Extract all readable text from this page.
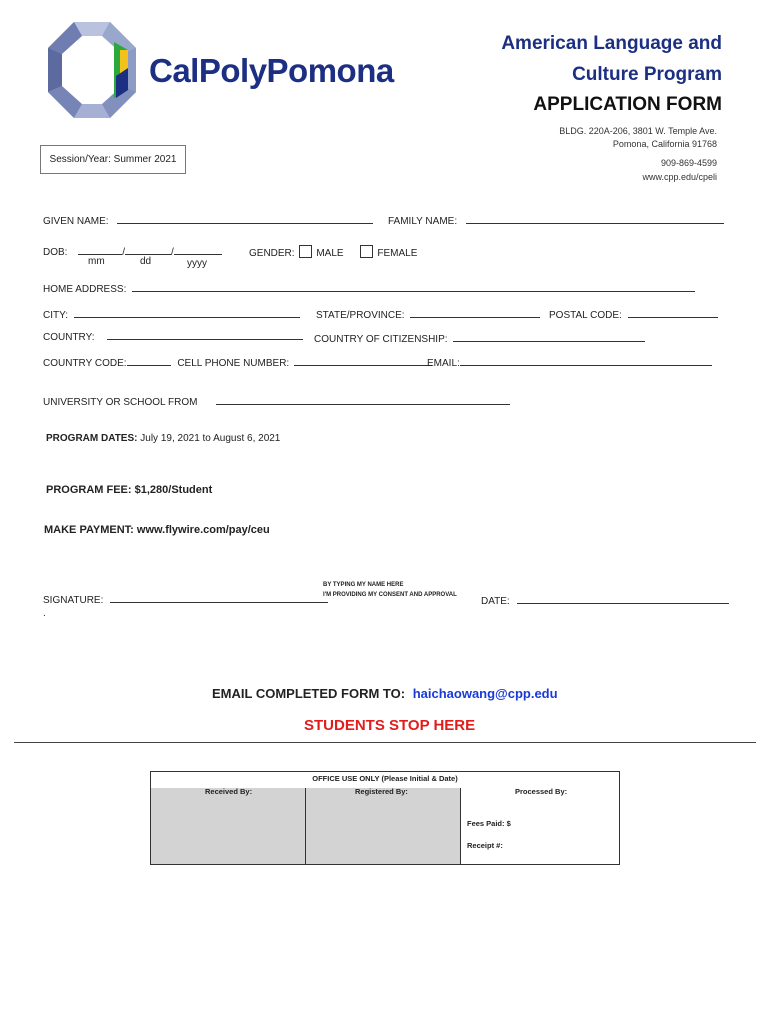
CalPolyPomona
American Language and
Culture Program
APPLICATION FORM
BLDG. 220A-206, 3801 W. Temple Ave.
Pomona, California 91768
909-869-4599
www.cpp.edu/cpeli
Session/Year: Summer 2021
GIVEN NAME:	FAMILY NAME:
DOB:	/	/
mm	dd	yyyy
GENDER: MALE	FEMALE
HOME ADDRESS:
CITY:	STATE/PROVINCE:	POSTAL CODE:
COUNTRY:	COUNTRY OF CITIZENSHIP:
COUNTRY CODE:	CELL PHONE NUMBER:	EMAIL:
UNIVERSITY OR SCHOOL FROM
PROGRAM DATES: July 19, 2021 to August 6, 2021
PROGRAM FEE: $1,280/Student
MAKE PAYMENT: www.flywire.com/pay/ceu
SIGNATURE:
BY TYPING MY NAME HERE
I'M PROVIDING MY CONSENT AND APPROVAL
DATE:
.
EMAIL COMPLETED FORM TO: haichaowang@cpp.edu
STUDENTS STOP HERE
OFFICE USE ONLY (Please Initial & Date)
Received By:	Registered By:	Processed By:
Fees Paid: $
Receipt #:
